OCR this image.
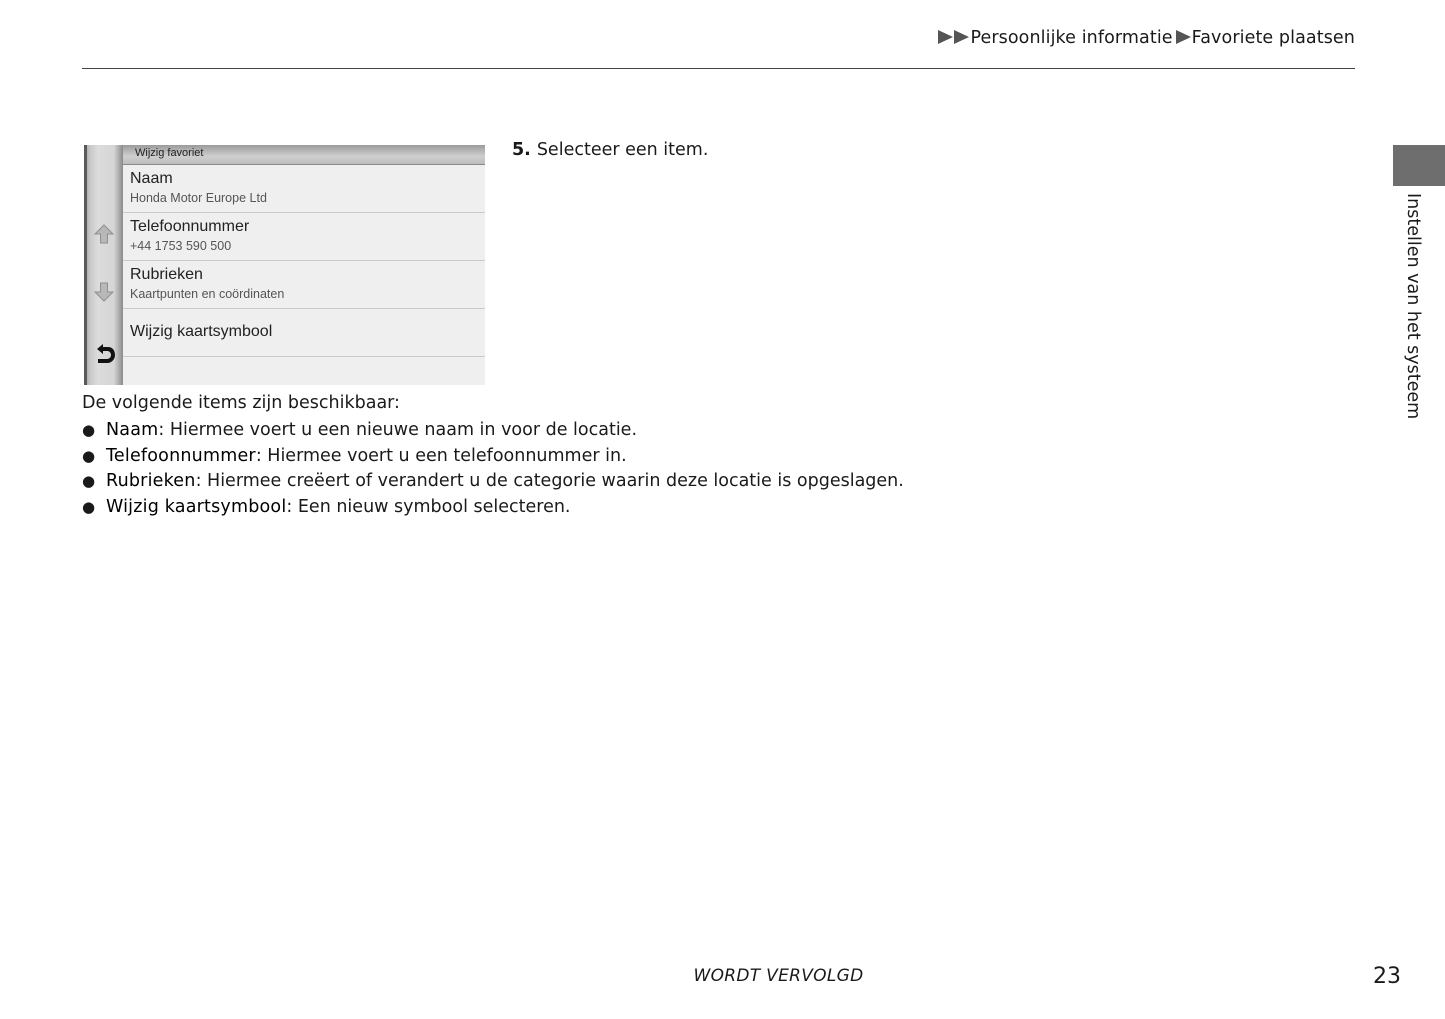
Persoonlijke informatie Favoriete plaatsen
Wijzig favoriet
Naam
Honda Motor Europe Ltd
Telefoonnummer
+44 1753 590 500
Rubrieken
Kaartpunten en coördinaten
Wijzig kaartsymbool
5. Selecteer een item.
De volgende items zijn beschikbaar:
● Naam: Hiermee voert u een nieuwe naam in voor de locatie.
● Telefoonnummer: Hiermee voert u een telefoonnummer in.
● Rubrieken: Hiermee creëert of verandert u de categorie waarin deze locatie is opgeslagen.
● Wijzig kaartsymbool: Een nieuw symbool selecteren.
Instellen van het systeem
WORDT VERVOLGD	23
